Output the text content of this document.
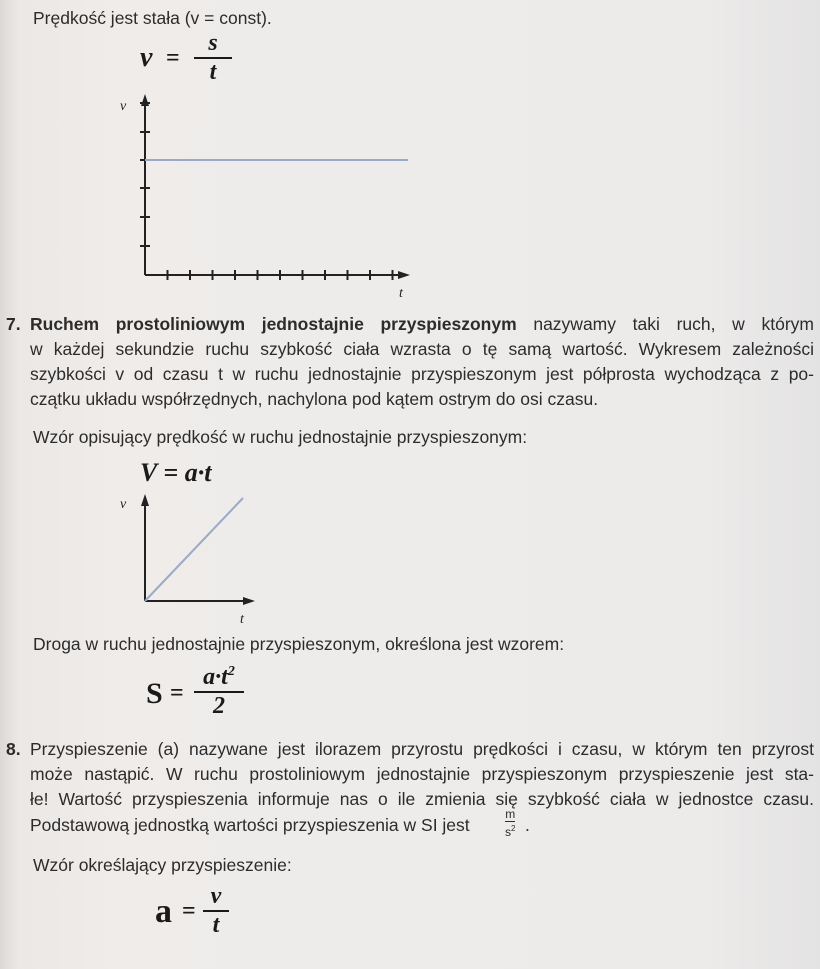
Prędkość jest stała (v = const).
v =
s
t
v
t
7. Ruchem prostoliniowym jednostajnie przyspieszonym nazywamy taki ruch, w którym
w każdej sekundzie ruchu szybkość ciała wzrasta o tę samą wartość. Wykresem zależności
szybkości v od czasu t w ruchu jednostajnie przyspieszonym jest półprosta wychodząca z po-
czątku układu współrzędnych, nachylona pod kątem ostrym do osi czasu.
Wzór opisujący prędkość w ruchu jednostajnie przyspieszonym:
V = a·t
v
t
Droga w ruchu jednostajnie przyspieszonym, określona jest wzorem:
S =
$a\cdot t^2$
2
8. Przyspieszenie (a) nazywane jest ilorazem przyrostu prędkości i czasu, w którym ten przyrost
może nastąpić. W ruchu prostoliniowym jednostajnie przyspieszonym przyspieszenie jest sta-
łe! Wartość przyspieszenia informuje nas o ile zmienia się szybkość ciała w jednostce czasu.
Podstawową jednostką wartości przyspieszenia w SI jest
m
$s^2$ .
Wzór określający przyspieszenie:
a =
v
t
